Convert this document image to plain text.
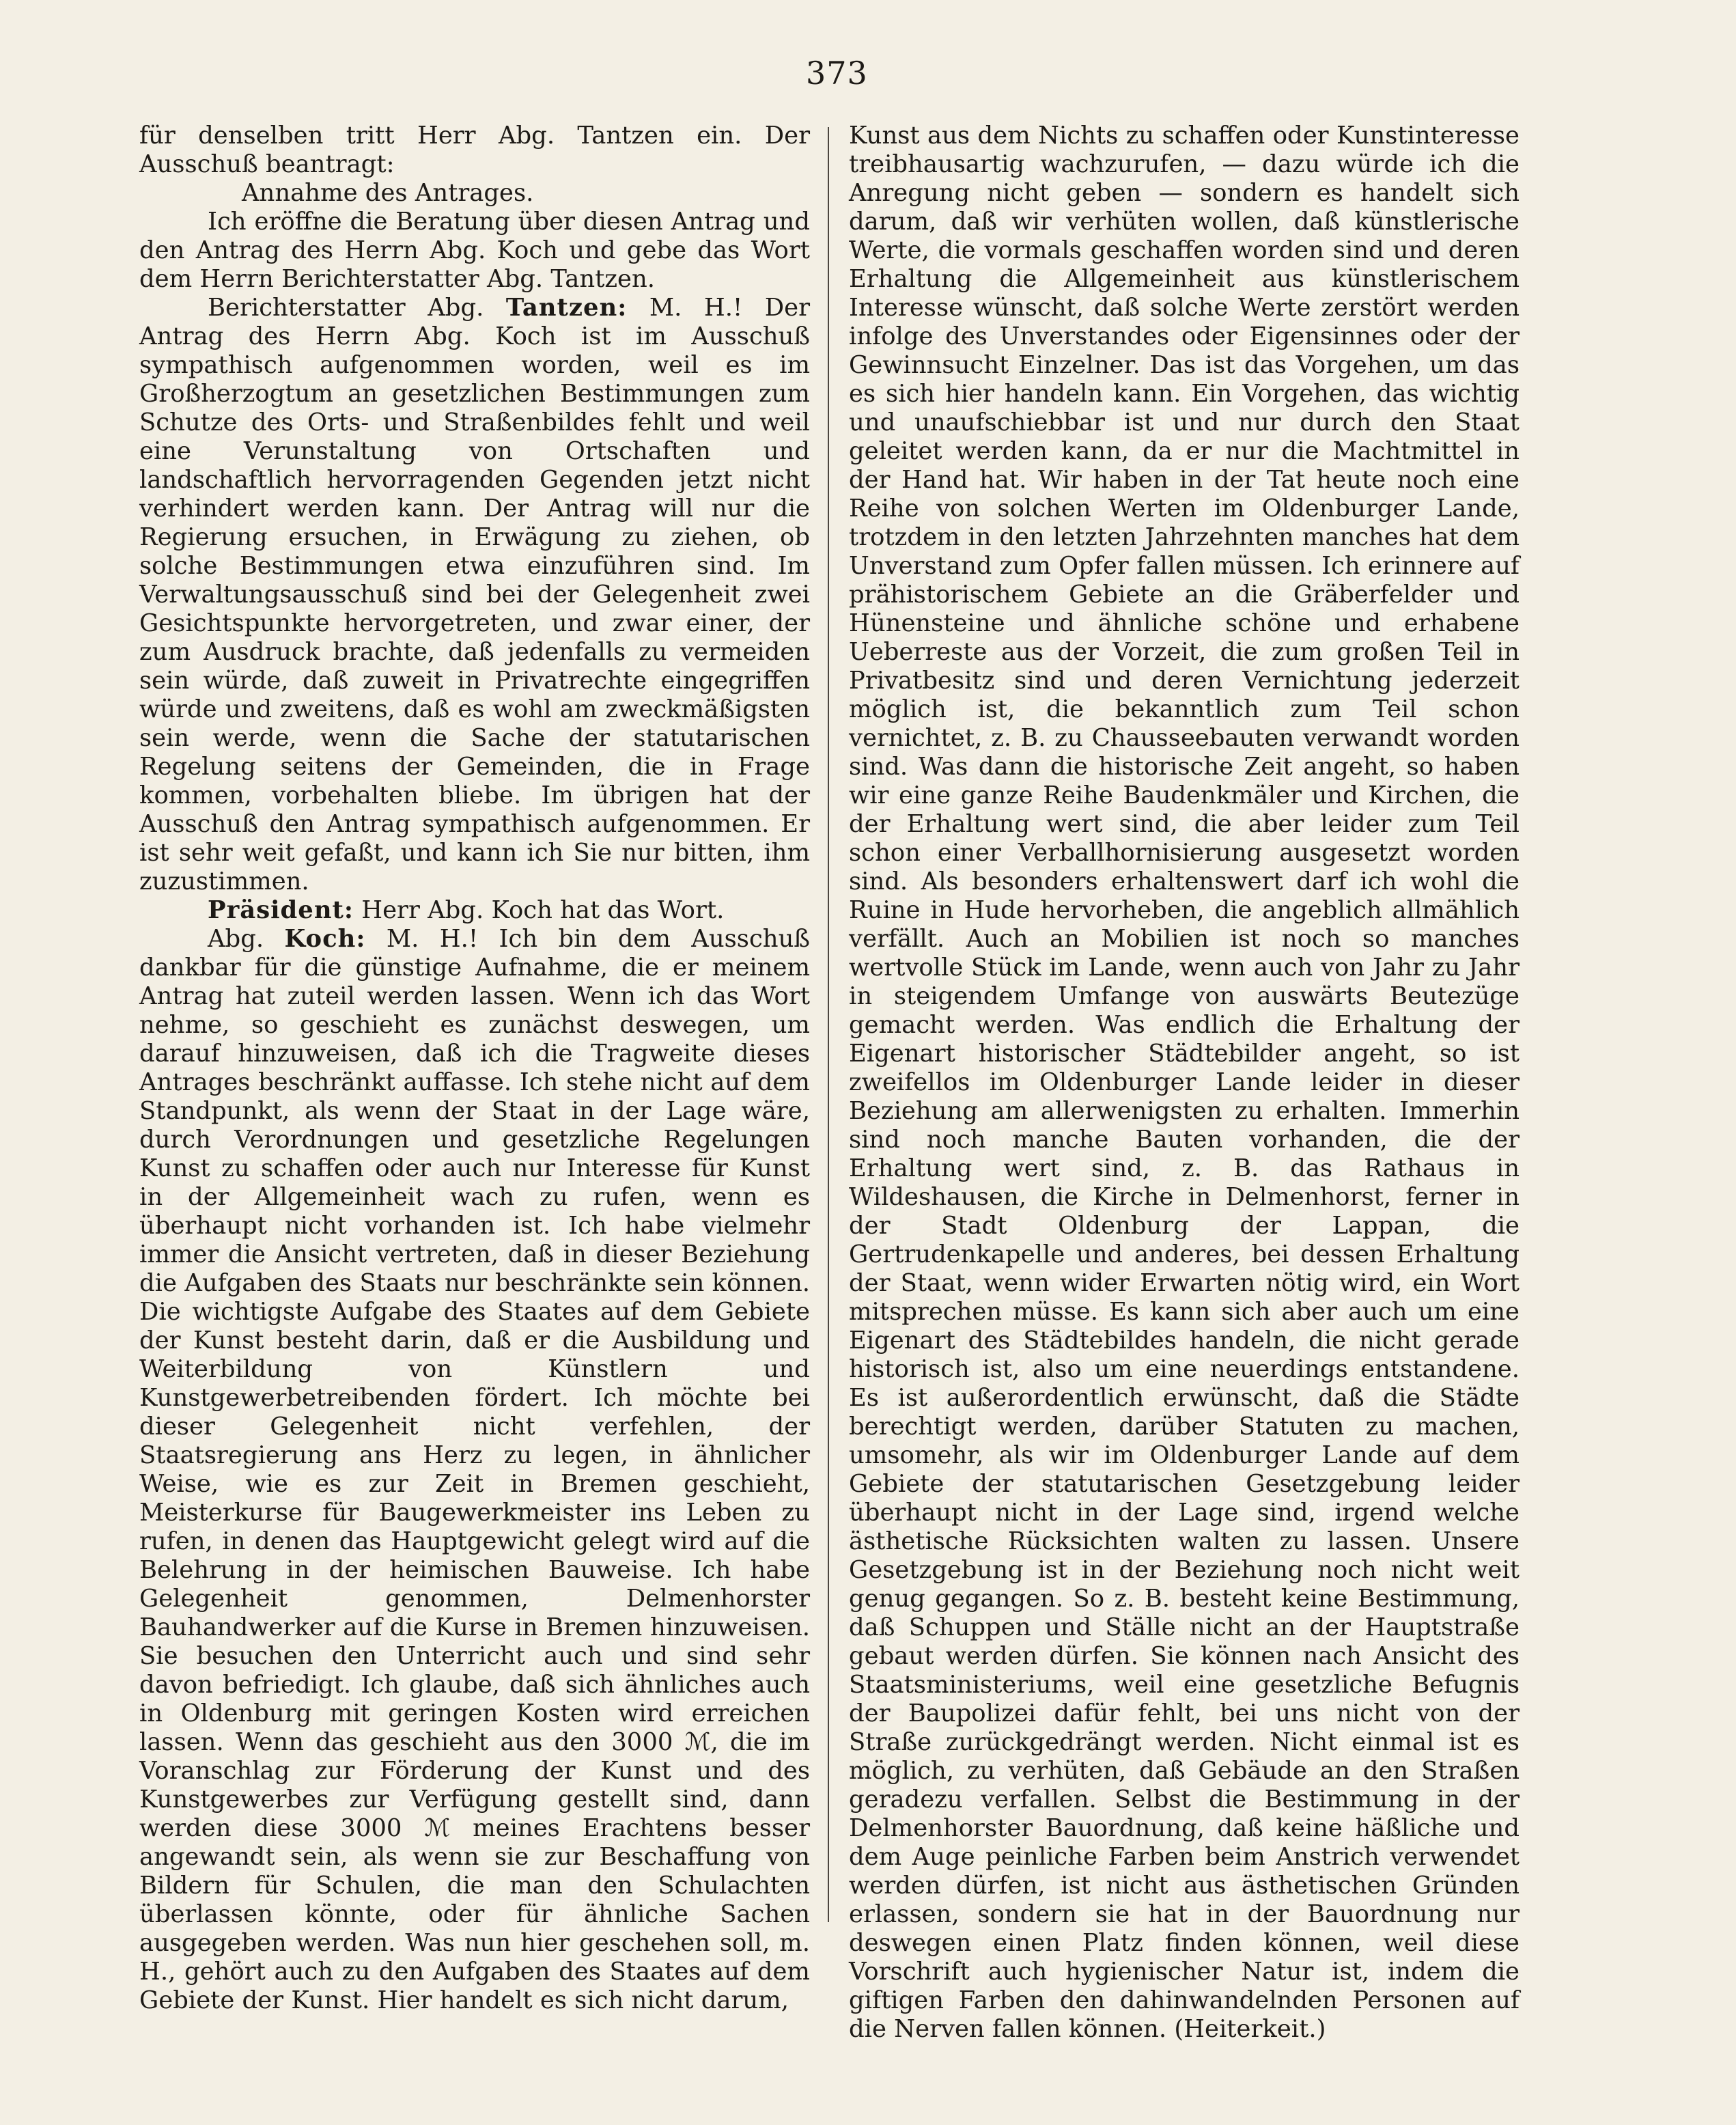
373

für denselben tritt Herr Abg. Tantzen ein. Der Ausschuß beantragt:

Annahme des Antrages.

Ich eröffne die Beratung über diesen Antrag und den Antrag des Herrn Abg. Koch und gebe das Wort dem Herrn Berichterstatter Abg. Tantzen.

Berichterstatter Abg. Tantzen: M. H.! Der Antrag des Herrn Abg. Koch ist im Ausschuß sympathisch aufgenommen worden, weil es im Großherzogtum an gesetzlichen Bestimmungen zum Schutze des Orts- und Straßenbildes fehlt und weil eine Verunstaltung von Ortschaften und landschaftlich hervorragenden Gegenden jetzt nicht verhindert werden kann. Der Antrag will nur die Regierung ersuchen, in Erwägung zu ziehen, ob solche Bestimmungen etwa einzuführen sind. Im Verwaltungsausschuß sind bei der Gelegenheit zwei Gesichtspunkte hervorgetreten, und zwar einer, der zum Ausdruck brachte, daß jedenfalls zu vermeiden sein würde, daß zuweit in Privatrechte eingegriffen würde und zweitens, daß es wohl am zweckmäßigsten sein werde, wenn die Sache der statutarischen Regelung seitens der Gemeinden, die in Frage kommen, vorbehalten bliebe. Im übrigen hat der Ausschuß den Antrag sympathisch aufgenommen. Er ist sehr weit gefaßt, und kann ich Sie nur bitten, ihm zuzustimmen.

Präsident: Herr Abg. Koch hat das Wort.

Abg. Koch: M. H.! Ich bin dem Ausschuß dankbar für die günstige Aufnahme, die er meinem Antrag hat zuteil werden lassen. Wenn ich das Wort nehme, so geschieht es zunächst deswegen, um darauf hinzuweisen, daß ich die Tragweite dieses Antrages beschränkt auffasse. Ich stehe nicht auf dem Standpunkt, als wenn der Staat in der Lage wäre, durch Verordnungen und gesetzliche Regelungen Kunst zu schaffen oder auch nur Interesse für Kunst in der Allgemeinheit wach zu rufen, wenn es überhaupt nicht vorhanden ist. Ich habe vielmehr immer die Ansicht vertreten, daß in dieser Beziehung die Aufgaben des Staats nur beschränkte sein können. Die wichtigste Aufgabe des Staates auf dem Gebiete der Kunst besteht darin, daß er die Ausbildung und Weiterbildung von Künstlern und Kunstgewerbetreibenden fördert. Ich möchte bei dieser Gelegenheit nicht verfehlen, der Staatsregierung ans Herz zu legen, in ähnlicher Weise, wie es zur Zeit in Bremen geschieht, Meisterkurse für Baugewerkmeister ins Leben zu rufen, in denen das Hauptgewicht gelegt wird auf die Belehrung in der heimischen Bauweise. Ich habe Gelegenheit genommen, Delmenhorster Bauhandwerker auf die Kurse in Bremen hinzuweisen. Sie besuchen den Unterricht auch und sind sehr davon befriedigt. Ich glaube, daß sich ähnliches auch in Oldenburg mit geringen Kosten wird erreichen lassen. Wenn das geschieht aus den 3000 ℳ, die im Voranschlag zur Förderung der Kunst und des Kunstgewerbes zur Verfügung gestellt sind, dann werden diese 3000 ℳ meines Erachtens besser angewandt sein, als wenn sie zur Beschaffung von Bildern für Schulen, die man den Schulachten überlassen könnte, oder für ähnliche Sachen ausgegeben werden. Was nun hier geschehen soll, m. H., gehört auch zu den Aufgaben des Staates auf dem Gebiete der Kunst. Hier handelt es sich nicht darum,

Kunst aus dem Nichts zu schaffen oder Kunstinteresse treibhausartig wachzurufen, — dazu würde ich die Anregung nicht geben — sondern es handelt sich darum, daß wir verhüten wollen, daß künstlerische Werte, die vormals geschaffen worden sind und deren Erhaltung die Allgemeinheit aus künstlerischem Interesse wünscht, daß solche Werte zerstört werden infolge des Unverstandes oder Eigensinnes oder der Gewinnsucht Einzelner. Das ist das Vorgehen, um das es sich hier handeln kann. Ein Vorgehen, das wichtig und unaufschiebbar ist und nur durch den Staat geleitet werden kann, da er nur die Machtmittel in der Hand hat. Wir haben in der Tat heute noch eine Reihe von solchen Werten im Oldenburger Lande, trotzdem in den letzten Jahrzehnten manches hat dem Unverstand zum Opfer fallen müssen. Ich erinnere auf prähistorischem Gebiete an die Gräberfelder und Hünensteine und ähnliche schöne und erhabene Ueberreste aus der Vorzeit, die zum großen Teil in Privatbesitz sind und deren Vernichtung jederzeit möglich ist, die bekanntlich zum Teil schon vernichtet, z. B. zu Chausseebauten verwandt worden sind. Was dann die historische Zeit angeht, so haben wir eine ganze Reihe Baudenkmäler und Kirchen, die der Erhaltung wert sind, die aber leider zum Teil schon einer Verballhornisierung ausgesetzt worden sind. Als besonders erhaltenswert darf ich wohl die Ruine in Hude hervorheben, die angeblich allmählich verfällt. Auch an Mobilien ist noch so manches wertvolle Stück im Lande, wenn auch von Jahr zu Jahr in steigendem Umfange von auswärts Beutezüge gemacht werden. Was endlich die Erhaltung der Eigenart historischer Städtebilder angeht, so ist zweifellos im Oldenburger Lande leider in dieser Beziehung am allerwenigsten zu erhalten. Immerhin sind noch manche Bauten vorhanden, die der Erhaltung wert sind, z. B. das Rathaus in Wildeshausen, die Kirche in Delmenhorst, ferner in der Stadt Oldenburg der Lappan, die Gertrudenkapelle und anderes, bei dessen Erhaltung der Staat, wenn wider Erwarten nötig wird, ein Wort mitsprechen müsse. Es kann sich aber auch um eine Eigenart des Städtebildes handeln, die nicht gerade historisch ist, also um eine neuerdings entstandene. Es ist außerordentlich erwünscht, daß die Städte berechtigt werden, darüber Statuten zu machen, umsomehr, als wir im Oldenburger Lande auf dem Gebiete der statutarischen Gesetzgebung leider überhaupt nicht in der Lage sind, irgend welche ästhetische Rücksichten walten zu lassen. Unsere Gesetzgebung ist in der Beziehung noch nicht weit genug gegangen. So z. B. besteht keine Bestimmung, daß Schuppen und Ställe nicht an der Hauptstraße gebaut werden dürfen. Sie können nach Ansicht des Staatsministeriums, weil eine gesetzliche Befugnis der Baupolizei dafür fehlt, bei uns nicht von der Straße zurückgedrängt werden. Nicht einmal ist es möglich, zu verhüten, daß Gebäude an den Straßen geradezu verfallen. Selbst die Bestimmung in der Delmenhorster Bauordnung, daß keine häßliche und dem Auge peinliche Farben beim Anstrich verwendet werden dürfen, ist nicht aus ästhetischen Gründen erlassen, sondern sie hat in der Bauordnung nur deswegen einen Platz finden können, weil diese Vorschrift auch hygienischer Natur ist, indem die giftigen Farben den dahinwandelnden Personen auf die Nerven fallen können. (Heiterkeit.)
